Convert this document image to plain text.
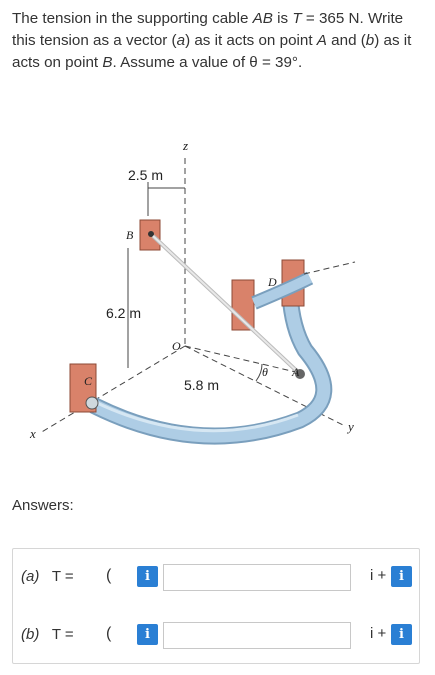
The tension in the supporting cable AB is T = 365 N. Write this tension as a vector (a) as it acts on point A and (b) as it acts on point B. Assume a value of θ = 39°.
2.5 m
z
6.2 m
C
D
B
A
O
θ
5.8 m
x	y
Answers:
(a) T = (	i	i + i
(b) T = (	i	i + i
